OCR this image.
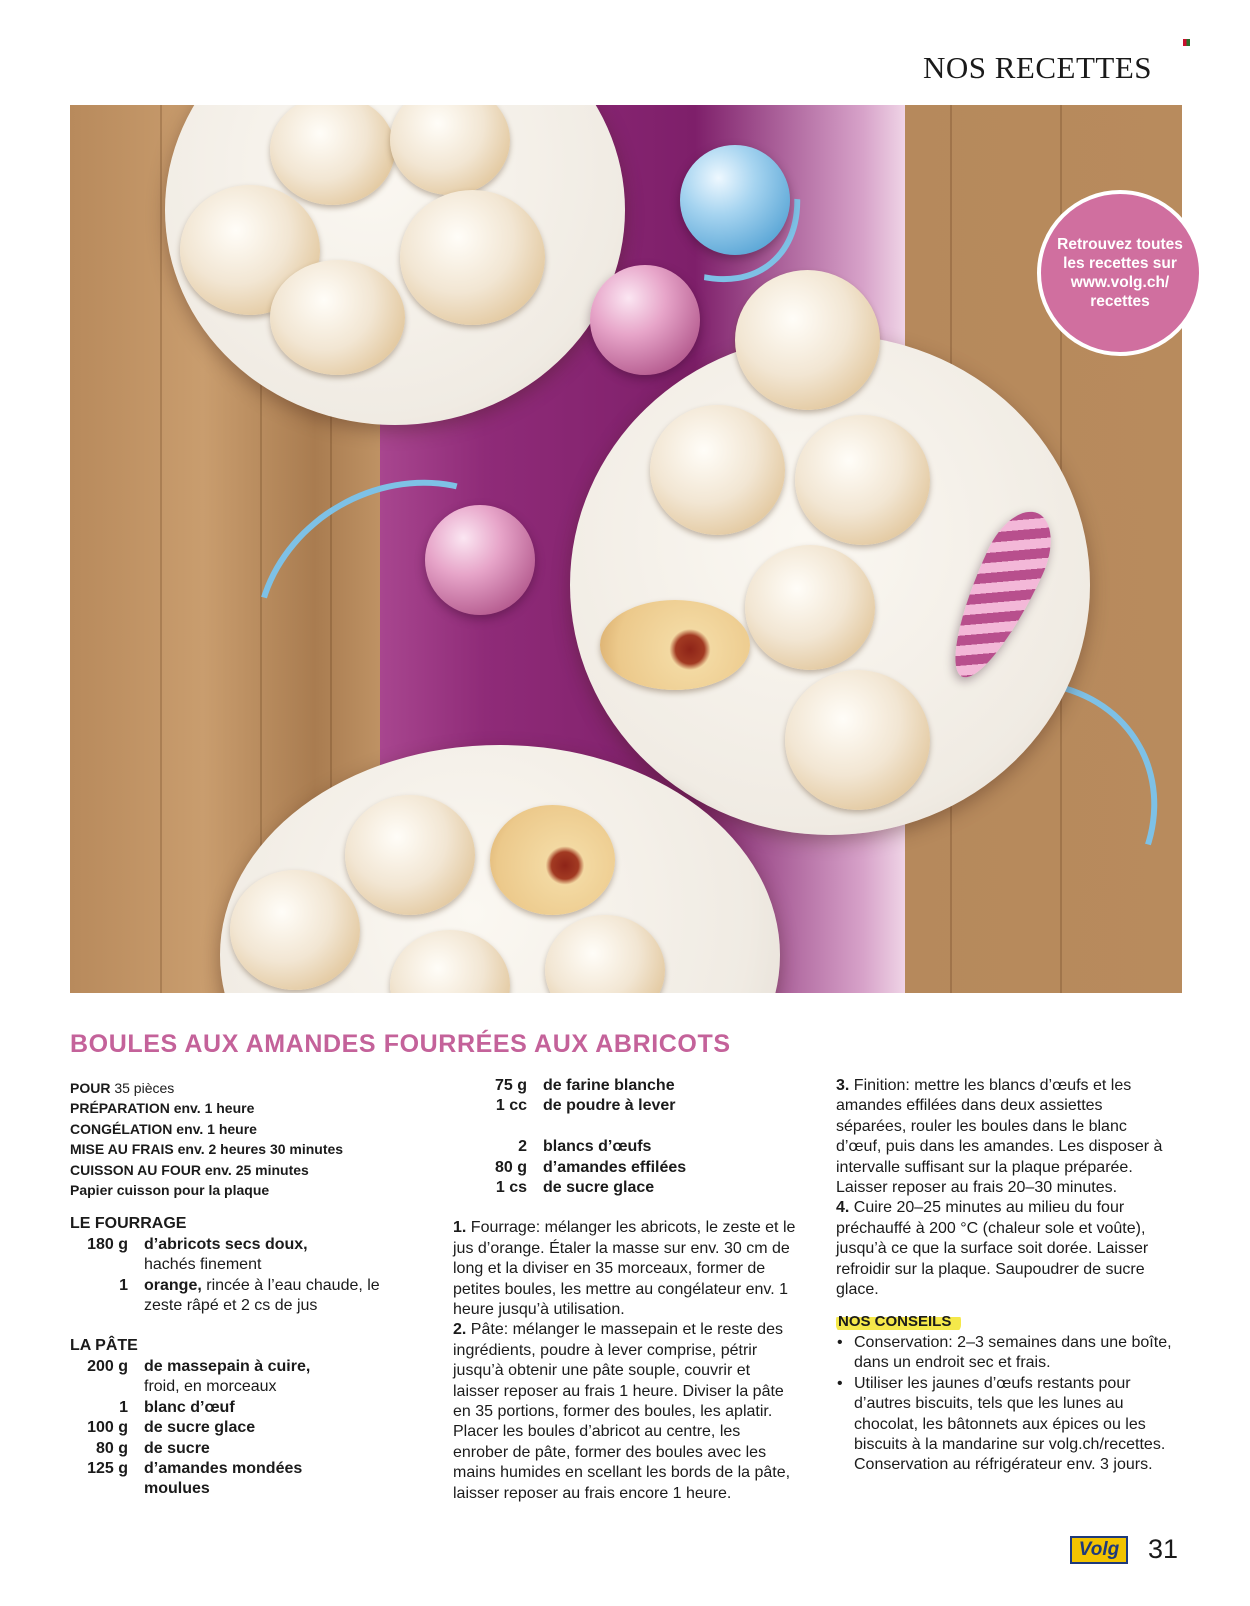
NOS RECETTES
Retrouvez toutes les recettes sur www.volg.ch/ recettes
BOULES AUX AMANDES FOURRÉES AUX ABRICOTS
POUR 35 pièces
PRÉPARATION env. 1 heure
CONGÉLATION env. 1 heure
MISE AU FRAIS env. 2 heures 30 minutes
CUISSON AU FOUR env. 25 minutes
Papier cuisson pour la plaque
LE FOURRAGE
180 g	d’abricots secs doux,
hachés finement
1	orange, rincée à l’eau chaude, le zeste râpé et 2 cs de jus
LA PÂTE
200 g	de massepain à cuire,
froid, en morceaux
1	blanc d’œuf
100 g	de sucre glace
80 g	de sucre
125 g	d’amandes mondées moulues
75 g	de farine blanche
1 cc	de poudre à lever

2	blancs d’œufs
80 g	d’amandes effilées
1 cs	de sucre glace

1. Fourrage: mélanger les abricots, le zeste et le jus d’orange. Étaler la masse sur env. 30 cm de long et la diviser en 35 morceaux, former de petites boules, les mettre au congélateur env. 1 heure jusqu’à utilisation.

2. Pâte: mélanger le massepain et le reste des ingrédients, poudre à lever comprise, pétrir jusqu’à obtenir une pâte souple, couvrir et laisser reposer au frais 1 heure. Diviser la pâte en 35 portions, former des boules, les aplatir. Placer les boules d’abricot au centre, les enrober de pâte, former des boules avec les mains humides en scellant les bords de la pâte, laisser reposer au frais encore 1 heure.

3. Finition: mettre les blancs d’œufs et les amandes effilées dans deux assiettes séparées, rouler les boules dans le blanc d’œuf, puis dans les amandes. Les disposer à intervalle suffisant sur la plaque préparée. Laisser reposer au frais 20–30 minutes.

4. Cuire 20–25 minutes au milieu du four préchauffé à 200 °C (chaleur sole et voûte), jusqu’à ce que la surface soit dorée. Laisser refroidir sur la plaque. Saupoudrer de sucre glace.

NOS CONSEILS
• Conservation: 2–3 semaines dans une boîte, dans un endroit sec et frais.
• Utiliser les jaunes d’œufs restants pour d’autres biscuits, tels que les lunes au chocolat, les bâtonnets aux épices ou les biscuits à la mandarine sur volg.ch/recettes. Conservation au réfrigérateur env. 3 jours.
Volg	31
